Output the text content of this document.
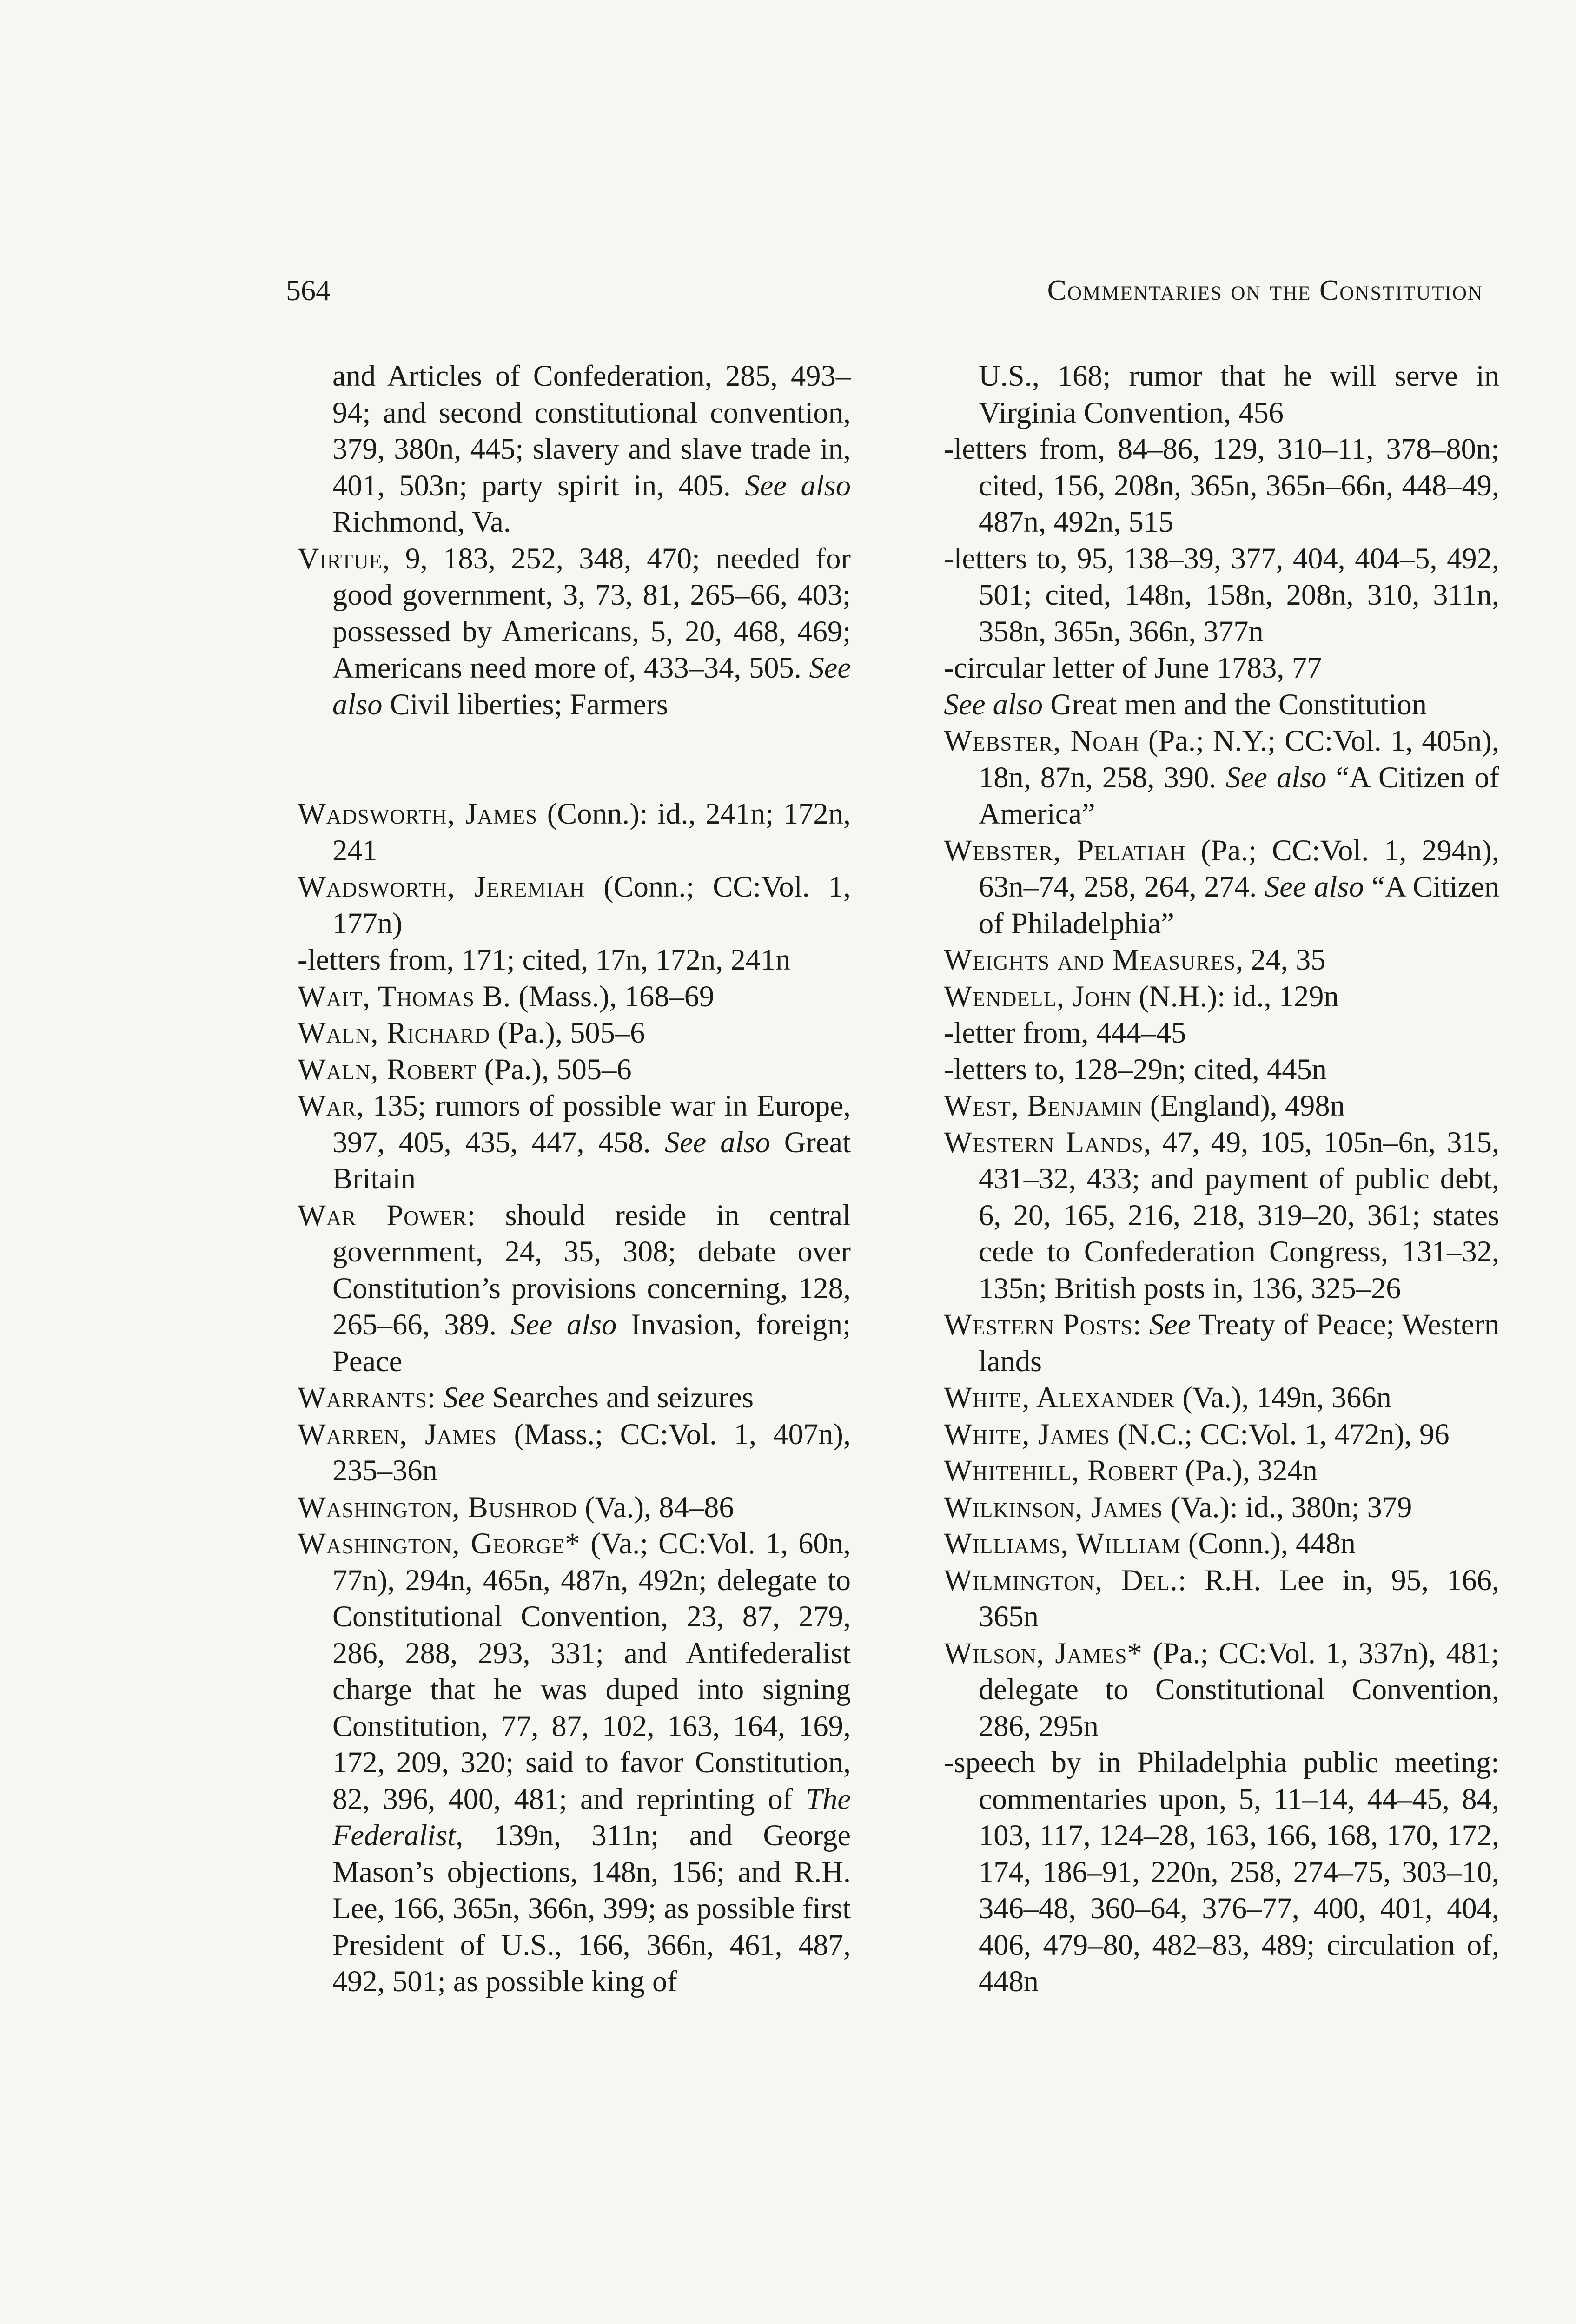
564	Commentaries on the Constitution
and Articles of Confederation, 285, 493–94; and second constitutional convention, 379, 380n, 445; slavery and slave trade in, 401, 503n; party spirit in, 405. See also Richmond, Va.
Virtue, 9, 183, 252, 348, 470; needed for good government, 3, 73, 81, 265–66, 403; possessed by Americans, 5, 20, 468, 469; Americans need more of, 433–34, 505. See also Civil liberties; Farmers
Wadsworth, James (Conn.): id., 241n; 172n, 241
Wadsworth, Jeremiah (Conn.; CC:Vol. 1, 177n)
-letters from, 171; cited, 17n, 172n, 241n
Wait, Thomas B. (Mass.), 168–69
Waln, Richard (Pa.), 505–6
Waln, Robert (Pa.), 505–6
War, 135; rumors of possible war in Europe, 397, 405, 435, 447, 458. See also Great Britain
War Power: should reside in central government, 24, 35, 308; debate over Constitution’s provisions concerning, 128, 265–66, 389. See also Invasion, foreign; Peace
Warrants: See Searches and seizures
Warren, James (Mass.; CC:Vol. 1, 407n), 235–36n
Washington, Bushrod (Va.), 84–86
Washington, George* (Va.; CC:Vol. 1, 60n, 77n), 294n, 465n, 487n, 492n; delegate to Constitutional Convention, 23, 87, 279, 286, 288, 293, 331; and Antifederalist charge that he was duped into signing Constitution, 77, 87, 102, 163, 164, 169, 172, 209, 320; said to favor Constitution, 82, 396, 400, 481; and reprinting of The Federalist, 139n, 311n; and George Mason’s objections, 148n, 156; and R.H. Lee, 166, 365n, 366n, 399; as possible first President of U.S., 166, 366n, 461, 487, 492, 501; as possible king of
U.S., 168; rumor that he will serve in Virginia Convention, 456
-letters from, 84–86, 129, 310–11, 378–80n; cited, 156, 208n, 365n, 365n–66n, 448–49, 487n, 492n, 515
-letters to, 95, 138–39, 377, 404, 404–5, 492, 501; cited, 148n, 158n, 208n, 310, 311n, 358n, 365n, 366n, 377n
-circular letter of June 1783, 77
See also Great men and the Constitution
Webster, Noah (Pa.; N.Y.; CC:Vol. 1, 405n), 18n, 87n, 258, 390. See also “A Citizen of America”
Webster, Pelatiah (Pa.; CC:Vol. 1, 294n), 63n–74, 258, 264, 274. See also “A Citizen of Philadelphia”
Weights and Measures, 24, 35
Wendell, John (N.H.): id., 129n
-letter from, 444–45
-letters to, 128–29n; cited, 445n
West, Benjamin (England), 498n
Western Lands, 47, 49, 105, 105n–6n, 315, 431–32, 433; and payment of public debt, 6, 20, 165, 216, 218, 319–20, 361; states cede to Confederation Congress, 131–32, 135n; British posts in, 136, 325–26
Western Posts: See Treaty of Peace; Western lands
White, Alexander (Va.), 149n, 366n
White, James (N.C.; CC:Vol. 1, 472n), 96
Whitehill, Robert (Pa.), 324n
Wilkinson, James (Va.): id., 380n; 379
Williams, William (Conn.), 448n
Wilmington, Del.: R.H. Lee in, 95, 166, 365n
Wilson, James* (Pa.; CC:Vol. 1, 337n), 481; delegate to Constitutional Convention, 286, 295n
-speech by in Philadelphia public meeting: commentaries upon, 5, 11–14, 44–45, 84, 103, 117, 124–28, 163, 166, 168, 170, 172, 174, 186–91, 220n, 258, 274–75, 303–10, 346–48, 360–64, 376–77, 400, 401, 404, 406, 479–80, 482–83, 489; circulation of, 448n
